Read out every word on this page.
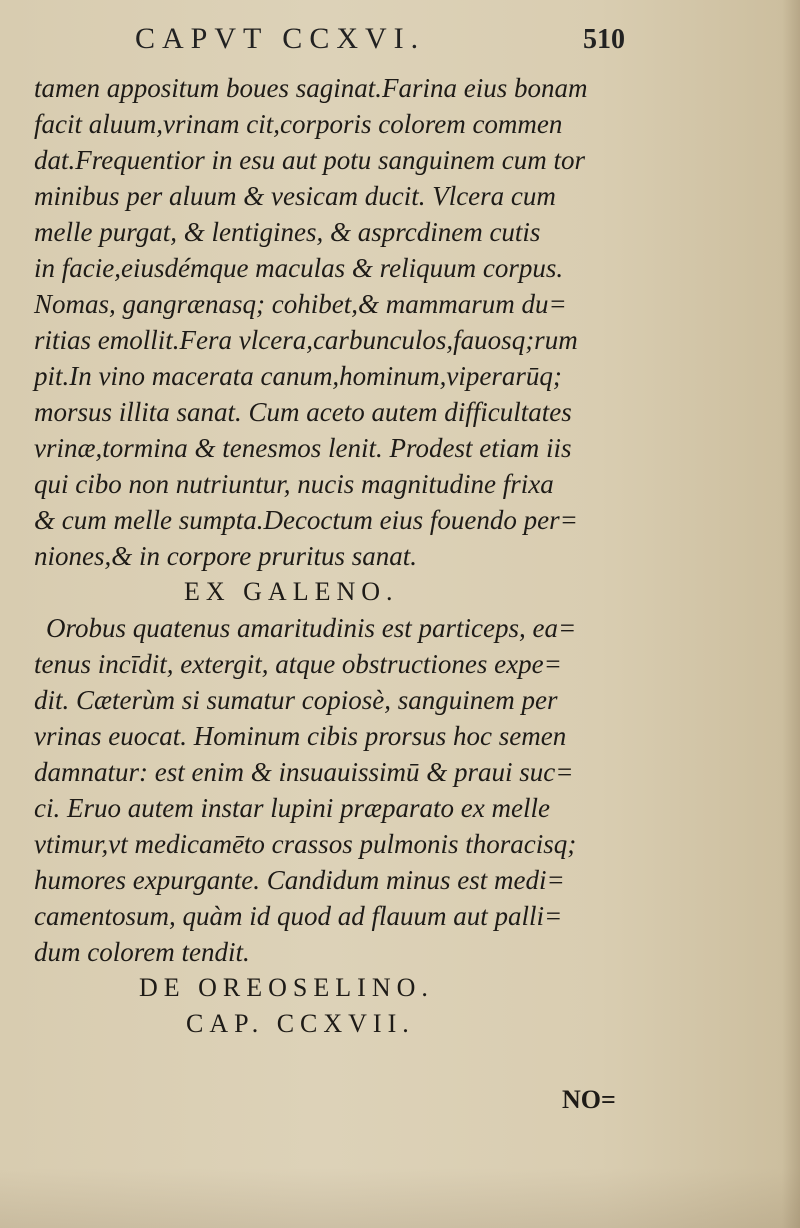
CAPVT CCXVI.	510
tamen appositum boues saginat.Farina eius bonam
facit aluum,vrinam cit,corporis colorem commen
dat.Frequentior in esu aut potu sanguinem cum tor
minibus per aluum & vesicam ducit. Vlcera cum
melle purgat, & lentigines, & asprcdinem cutis
in facie,eiusdémque maculas & reliquum corpus.
Nomas, gangrænasq; cohibet,& mammarum du=
ritias emollit.Fera vlcera,carbunculos,fauosq;rum
pit.In vino macerata canum,hominum,viperarūq;
morsus illita sanat. Cum aceto autem difficultates
vrinæ,tormina & tenesmos lenit. Prodest etiam iis
qui cibo non nutriuntur, nucis magnitudine frixa
& cum melle sumpta.Decoctum eius fouendo per=
niones,& in corpore pruritus sanat.
EX GALENO.
Orobus quatenus amaritudinis est particeps, ea=
tenus incīdit, extergit, atque obstructiones expe=
dit. Cæterùm si sumatur copiosè, sanguinem per
vrinas euocat. Hominum cibis prorsus hoc semen
damnatur: est enim & insuauissimū & praui suc=
ci. Eruo autem instar lupini præparato ex melle
vtimur,vt medicamēto crassos pulmonis thoracisq;
humores expurgante. Candidum minus est medi=
camentosum, quàm id quod ad flauum aut palli=
dum colorem tendit.
DE OREOSELINO.
CAP. CCXVII.
NO=
